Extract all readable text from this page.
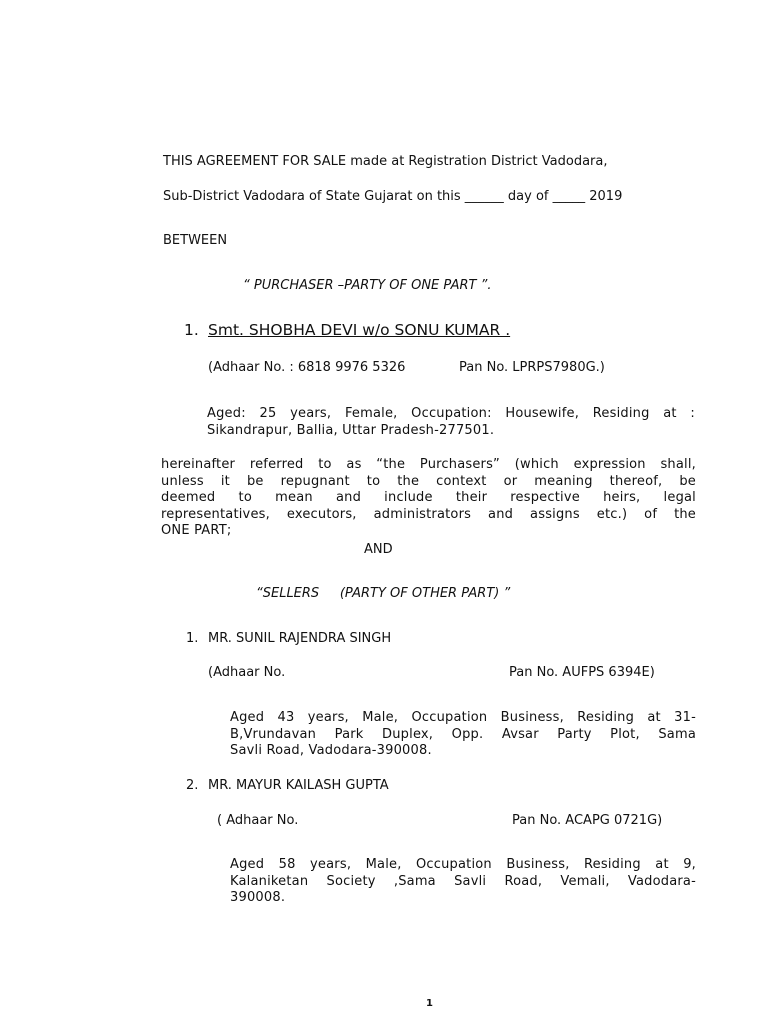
THIS AGREEMENT FOR SALE made at Registration District Vadodara,
Sub-District Vadodara of State Gujarat on this ______ day of _____ 2019
BETWEEN
“ PURCHASER –PARTY OF ONE PART ”.
1. Smt. SHOBHA DEVI w/o SONU KUMAR .
(Adhaar No. : 6818 9976 5326	Pan No. LPRPS7980G.)
Aged: 25 years, Female, Occupation: Housewife, Residing at :
Sikandrapur, Ballia, Uttar Pradesh-277501.
hereinafter referred to as “the Purchasers” (which expression shall,
unless it be repugnant to the context or meaning thereof, be
deemed to mean and include their respective heirs, legal
representatives, executors, administrators and assigns etc.) of the
ONE PART;
AND
“SELLERS     (PARTY OF OTHER PART) ”
1. MR. SUNIL RAJENDRA SINGH
(Adhaar No.	Pan No. AUFPS 6394E)
Aged 43 years, Male, Occupation Business, Residing at 31-
B,Vrundavan Park Duplex, Opp. Avsar Party Plot, Sama
Savli Road, Vadodara-390008.
2. MR. MAYUR KAILASH GUPTA
( Adhaar No.	Pan No. ACAPG 0721G)
Aged 58 years, Male, Occupation Business, Residing at 9,
Kalaniketan Society ,Sama Savli Road, Vemali, Vadodara-
390008.
1
